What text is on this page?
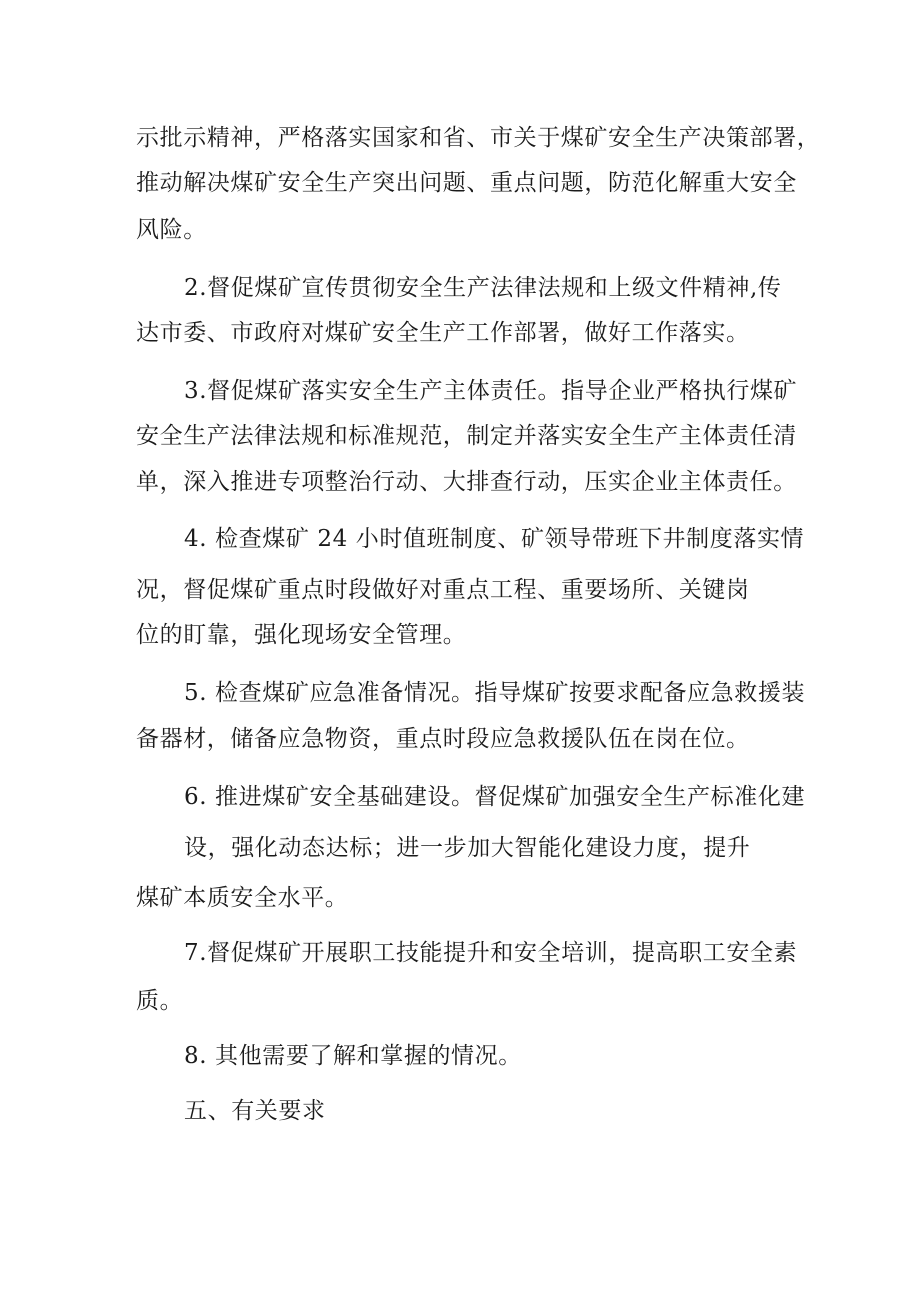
示批示精神，严格落实国家和省、市关于煤矿安全生产决策部署，
推动解决煤矿安全生产突出问题、重点问题，防范化解重大安全
风险。
2.督促煤矿宣传贯彻安全生产法律法规和上级文件精神,传
达市委、市政府对煤矿安全生产工作部署，做好工作落实。
3.督促煤矿落实安全生产主体责任。指导企业严格执行煤矿
安全生产法律法规和标准规范，制定并落实安全生产主体责任清
单，深入推进专项整治行动、大排查行动，压实企业主体责任。
4. 检查煤矿 24 小时值班制度、矿领导带班下井制度落实情
况，督促煤矿重点时段做好对重点工程、重要场所、关键岗
位的盯靠，强化现场安全管理。
5. 检查煤矿应急准备情况。指导煤矿按要求配备应急救援装
备器材，储备应急物资，重点时段应急救援队伍在岗在位。
6. 推进煤矿安全基础建设。督促煤矿加强安全生产标准化建
设，强化动态达标；进一步加大智能化建设力度，提升
煤矿本质安全水平。
7.督促煤矿开展职工技能提升和安全培训，提高职工安全素
质。
8. 其他需要了解和掌握的情况。
五、有关要求
